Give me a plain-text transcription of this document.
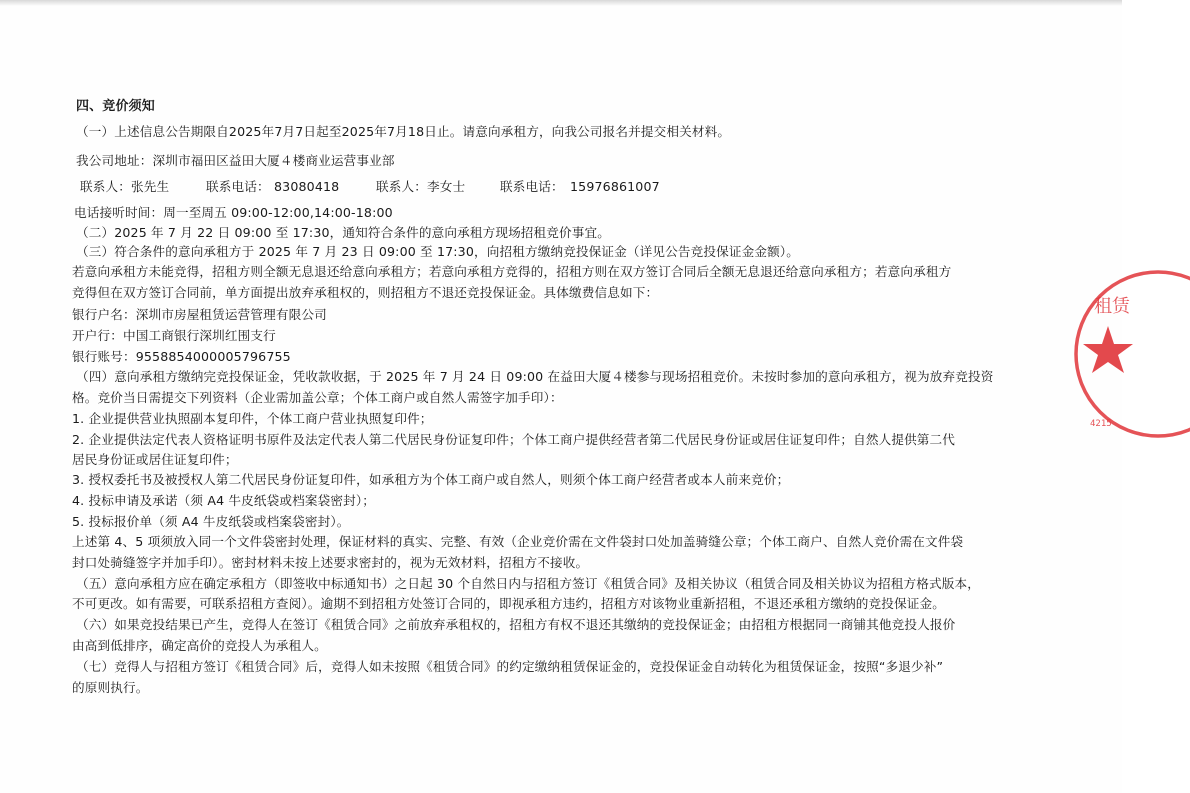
四、竞价须知
（一）上述信息公告期限自2025年7月7日起至2025年7月18日止。请意向承租方，向我公司报名并提交相关材料。
我公司地址：深圳市福田区益田大厦４楼商业运营事业部
联系人：张先生	联系电话： 83080418	联系人：李女士	联系电话： 15976861007
电话接听时间：周一至周五 09:00-12:00,14:00-18:00
（二）2025 年 7 月 22 日 09:00 至 17:30，通知符合条件的意向承租方现场招租竞价事宜。
（三）符合条件的意向承租方于 2025 年 7 月 23 日 09:00 至 17:30，向招租方缴纳竞投保证金（详见公告竞投保证金金额）。
若意向承租方未能竞得，招租方则全额无息退还给意向承租方；若意向承租方竞得的，招租方则在双方签订合同后全额无息退还给意向承租方；若意向承租方
竞得但在双方签订合同前，单方面提出放弃承租权的，则招租方不退还竞投保证金。具体缴费信息如下：
银行户名：深圳市房屋租赁运营管理有限公司
开户行：中国工商银行深圳红围支行
银行账号：9558854000005796755
（四）意向承租方缴纳完竞投保证金，凭收款收据，于 2025 年 7 月 24 日 09:00 在益田大厦４楼参与现场招租竞价。未按时参加的意向承租方，视为放弃竞投资
格。竞价当日需提交下列资料（企业需加盖公章；个体工商户或自然人需签字加手印）：
1. 企业提供营业执照副本复印件，个体工商户营业执照复印件；
2. 企业提供法定代表人资格证明书原件及法定代表人第二代居民身份证复印件；个体工商户提供经营者第二代居民身份证或居住证复印件；自然人提供第二代
居民身份证或居住证复印件；
3. 授权委托书及被授权人第二代居民身份证复印件，如承租方为个体工商户或自然人，则须个体工商户经营者或本人前来竞价；
4. 投标申请及承诺（须 A4 牛皮纸袋或档案袋密封）；
5. 投标报价单（须 A4 牛皮纸袋或档案袋密封）。
上述第 4、5 项须放入同一个文件袋密封处理，保证材料的真实、完整、有效（企业竞价需在文件袋封口处加盖骑缝公章；个体工商户、自然人竞价需在文件袋
封口处骑缝签字并加手印）。密封材料未按上述要求密封的，视为无效材料，招租方不接收。
（五）意向承租方应在确定承租方（即签收中标通知书）之日起 30 个自然日内与招租方签订《租赁合同》及相关协议（租赁合同及相关协议为招租方格式版本，
不可更改。如有需要，可联系招租方查阅）。逾期不到招租方处签订合同的，即视承租方违约，招租方对该物业重新招租，不退还承租方缴纳的竞投保证金。
（六）如果竞投结果已产生，竞得人在签订《租赁合同》之前放弃承租权的，招租方有权不退还其缴纳的竞投保证金；由招租方根据同一商铺其他竞投人报价
由高到低排序，确定高价的竞投人为承租人。
（七）竞得人与招租方签订《租赁合同》后，竞得人如未按照《租赁合同》的约定缴纳租赁保证金的，竞投保证金自动转化为租赁保证金，按照“多退少补”
的原则执行。
租赁
4215
